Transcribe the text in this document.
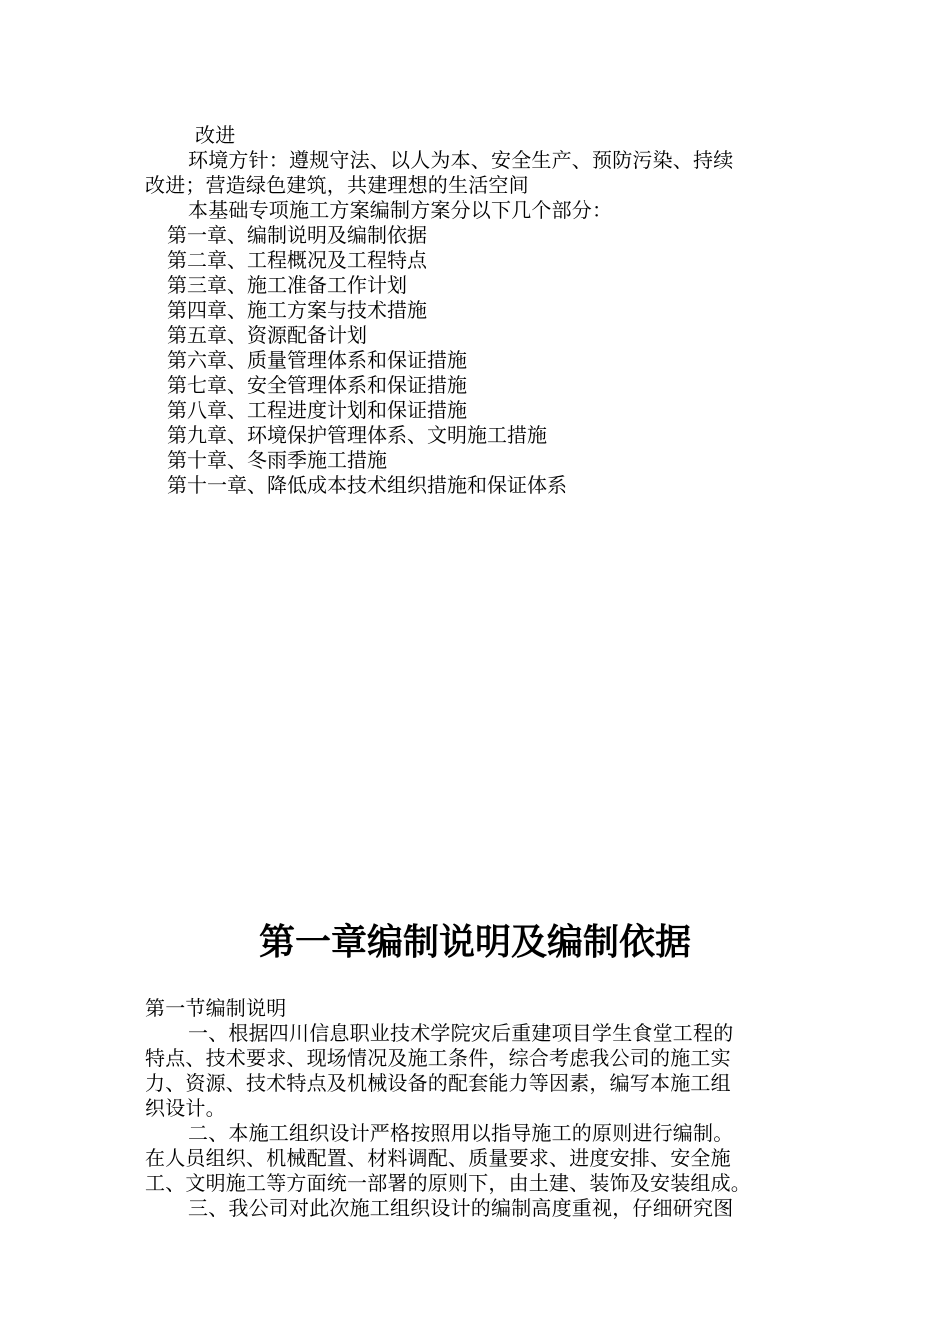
改进
环境方针：遵规守法、以人为本、安全生产、预防污染、持续
改进；营造绿色建筑，共建理想的生活空间
本基础专项施工方案编制方案分以下几个部分：
第一章、编制说明及编制依据
第二章、工程概况及工程特点
第三章、施工准备工作计划
第四章、施工方案与技术措施
第五章、资源配备计划
第六章、质量管理体系和保证措施
第七章、安全管理体系和保证措施
第八章、工程进度计划和保证措施
第九章、环境保护管理体系、文明施工措施
第十章、冬雨季施工措施
第十一章、降低成本技术组织措施和保证体系
第一章编制说明及编制依据
第一节编制说明
一、根据四川信息职业技术学院灾后重建项目学生食堂工程的
特点、技术要求、现场情况及施工条件，综合考虑我公司的施工实
力、资源、技术特点及机械设备的配套能力等因素，编写本施工组
织设计。
二、本施工组织设计严格按照用以指导施工的原则进行编制。
在人员组织、机械配置、材料调配、质量要求、进度安排、安全施
工、文明施工等方面统一部署的原则下，由土建、装饰及安装组成。
三、我公司对此次施工组织设计的编制高度重视，仔细研究图
